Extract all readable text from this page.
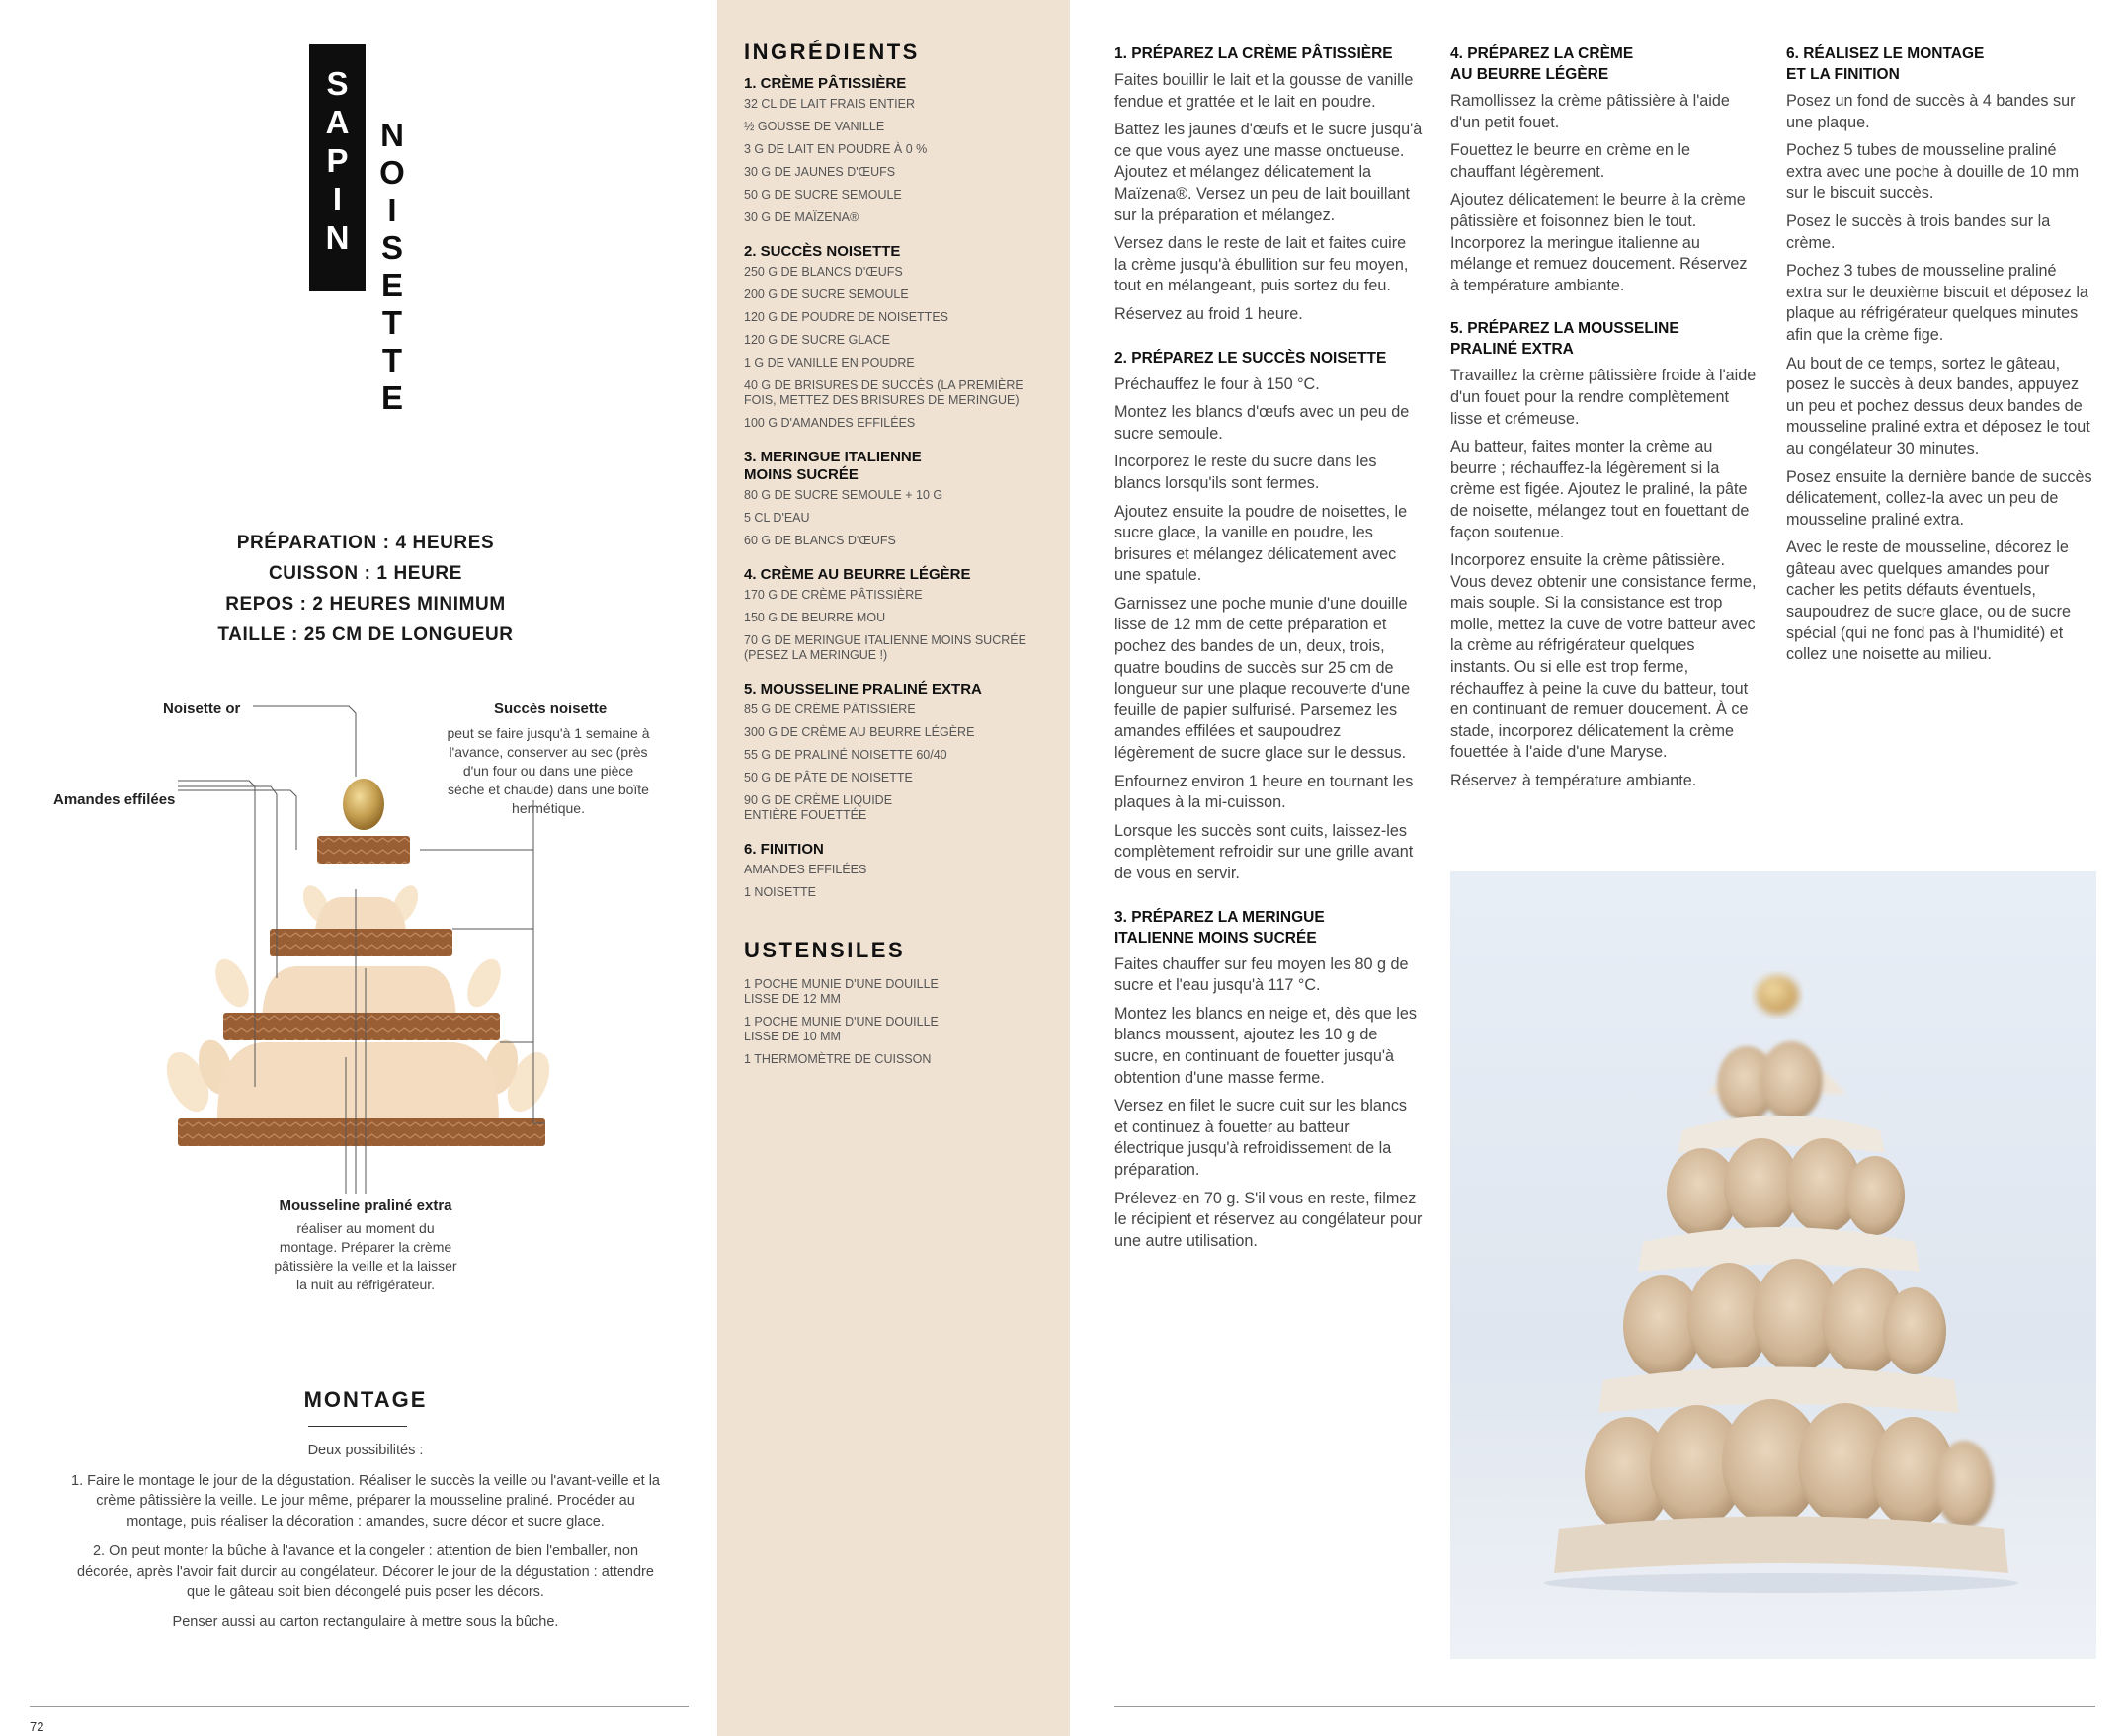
S
A
P
I
N
N
O
I
S
E
T
T
E
PRÉPARATION : 4 HEURES
CUISSON : 1 HEURE
REPOS : 2 HEURES MINIMUM
TAILLE : 25 CM DE LONGUEUR
Noisette or
Amandes effilées
Succès noisette
peut se faire jusqu'à 1 semaine à
l'avance, conserver au sec (près
d'un four ou dans une pièce
sèche et chaude) dans une boîte
hermétique.
Mousseline praliné extra
réaliser au moment du
montage. Préparer la crème
pâtissière la veille et la laisser
la nuit au réfrigérateur.
MONTAGE

Deux possibilités :

1. Faire le montage le jour de la dégustation. Réaliser le succès la veille ou l'avant-veille et la crème pâtissière la veille. Le jour même, préparer la mousseline praliné. Procéder au montage, puis réaliser la décoration : amandes, sucre décor et sucre glace.

2. On peut monter la bûche à l'avance et la congeler : attention de bien l'emballer, non décorée, après l'avoir fait durcir au congélateur. Décorer le jour de la dégustation : attendre que le gâteau soit bien décongelé puis poser les décors.

Penser aussi au carton rectangulaire à mettre sous la bûche.

72
INGRÉDIENTS
1. CRÈME PÂTISSIÈRE
32 CL DE LAIT FRAIS ENTIER
½ GOUSSE DE VANILLE
3 G DE LAIT EN POUDRE À 0 %
30 G DE JAUNES D'ŒUFS
50 G DE SUCRE SEMOULE
30 G DE MAÏZENA®
2. SUCCÈS NOISETTE
250 G DE BLANCS D'ŒUFS
200 G DE SUCRE SEMOULE
120 G DE POUDRE DE NOISETTES
120 G DE SUCRE GLACE
1 G DE VANILLE EN POUDRE
40 G DE BRISURES DE SUCCÈS (LA PREMIÈRE FOIS, METTEZ DES BRISURES DE MERINGUE)
100 G D'AMANDES EFFILÉES
3. MERINGUE ITALIENNE MOINS SUCRÉE
80 G DE SUCRE SEMOULE + 10 G
5 CL D'EAU
60 G DE BLANCS D'ŒUFS
4. CRÈME AU BEURRE LÉGÈRE
170 G DE CRÈME PÂTISSIÈRE
150 G DE BEURRE MOU
70 G DE MERINGUE ITALIENNE MOINS SUCRÉE (PESEZ LA MERINGUE !)
5. MOUSSELINE PRALINÉ EXTRA
85 G DE CRÈME PÂTISSIÈRE
300 G DE CRÈME AU BEURRE LÉGÈRE
55 G DE PRALINÉ NOISETTE 60/40
50 G DE PÂTE DE NOISETTE
90 G DE CRÈME LIQUIDE ENTIÈRE FOUETTÉE
6. FINITION
AMANDES EFFILÉES
1 NOISETTE
USTENSILES
1 POCHE MUNIE D'UNE DOUILLE LISSE DE 12 MM
1 POCHE MUNIE D'UNE DOUILLE LISSE DE 10 MM
1 THERMOMÈTRE DE CUISSON
1. PRÉPAREZ LA CRÈME PÂTISSIÈRE

Faites bouillir le lait et la gousse de vanille fendue et grattée et le lait en poudre.

Battez les jaunes d'œufs et le sucre jusqu'à ce que vous ayez une masse onctueuse. Ajoutez et mélangez délicatement la Maïzena®. Versez un peu de lait bouillant sur la préparation et mélangez.

Versez dans le reste de lait et faites cuire la crème jusqu'à ébullition sur feu moyen, tout en mélangeant, puis sortez du feu.

Réservez au froid 1 heure.

2. PRÉPAREZ LE SUCCÈS NOISETTE

Préchauffez le four à 150 °C.

Montez les blancs d'œufs avec un peu de sucre semoule.

Incorporez le reste du sucre dans les blancs lorsqu'ils sont fermes.

Ajoutez ensuite la poudre de noisettes, le sucre glace, la vanille en poudre, les brisures et mélangez délicatement avec une spatule.

Garnissez une poche munie d'une douille lisse de 12 mm de cette préparation et pochez des bandes de un, deux, trois, quatre boudins de succès sur 25 cm de longueur sur une plaque recouverte d'une feuille de papier sulfurisé. Parsemez les amandes effilées et saupoudrez légèrement de sucre glace sur le dessus.

Enfournez environ 1 heure en tournant les plaques à la mi-cuisson.

Lorsque les succès sont cuits, laissez-les complètement refroidir sur une grille avant de vous en servir.

3. PRÉPAREZ LA MERINGUE ITALIENNE MOINS SUCRÉE

Faites chauffer sur feu moyen les 80 g de sucre et l'eau jusqu'à 117 °C.

Montez les blancs en neige et, dès que les blancs moussent, ajoutez les 10 g de sucre, en continuant de fouetter jusqu'à obtention d'une masse ferme.

Versez en filet le sucre cuit sur les blancs et continuez à fouetter au batteur électrique jusqu'à refroidissement de la préparation.

Prélevez-en 70 g. S'il vous en reste, filmez le récipient et réservez au congélateur pour une autre utilisation.

4. PRÉPAREZ LA CRÈME AU BEURRE LÉGÈRE

Ramollissez la crème pâtissière à l'aide d'un petit fouet.

Fouettez le beurre en crème en le chauffant légèrement.

Ajoutez délicatement le beurre à la crème pâtissière et foisonnez bien le tout. Incorporez la meringue italienne au mélange et remuez doucement. Réservez à température ambiante.

5. PRÉPAREZ LA MOUSSELINE PRALINÉ EXTRA

Travaillez la crème pâtissière froide à l'aide d'un fouet pour la rendre complètement lisse et crémeuse.

Au batteur, faites monter la crème au beurre ; réchauffez-la légèrement si la crème est figée. Ajoutez le praliné, la pâte de noisette, mélangez tout en fouettant de façon soutenue.

Incorporez ensuite la crème pâtissière. Vous devez obtenir une consistance ferme, mais souple. Si la consistance est trop molle, mettez la cuve de votre batteur avec la crème au réfrigérateur quelques instants. Ou si elle est trop ferme, réchauffez à peine la cuve du batteur, tout en continuant de remuer doucement. À ce stade, incorporez délicatement la crème fouettée à l'aide d'une Maryse.

Réservez à température ambiante.

6. RÉALISEZ LE MONTAGE ET LA FINITION

Posez un fond de succès à 4 bandes sur une plaque.

Pochez 5 tubes de mousseline praliné extra avec une poche à douille de 10 mm sur le biscuit succès.

Posez le succès à trois bandes sur la crème.

Pochez 3 tubes de mousseline praliné extra sur le deuxième biscuit et déposez la plaque au réfrigérateur quelques minutes afin que la crème fige.

Au bout de ce temps, sortez le gâteau, posez le succès à deux bandes, appuyez un peu et pochez dessus deux bandes de mousseline praliné extra et déposez le tout au congélateur 30 minutes.

Posez ensuite la dernière bande de succès délicatement, collez-la avec un peu de mousseline praliné extra.

Avec le reste de mousseline, décorez le gâteau avec quelques amandes pour cacher les petits défauts éventuels, saupoudrez de sucre glace, ou de sucre spécial (qui ne fond pas à l'humidité) et collez une noisette au milieu.
